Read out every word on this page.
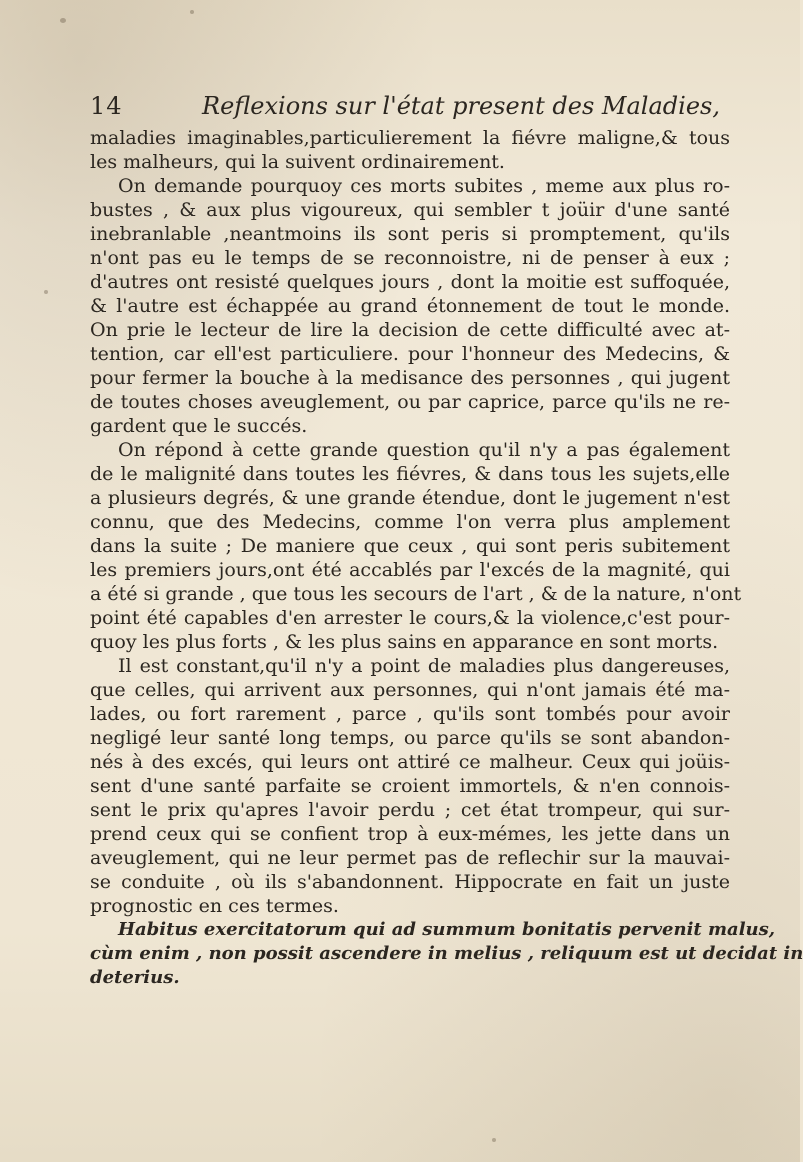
14	Reflexions sur l'état present des Maladies,
maladies imaginables,particulierement la fiévre maligne,& tous
les malheurs, qui la suivent ordinairement.
On demande pourquoy ces morts subites , meme aux plus ro-
bustes , & aux plus vigoureux, qui sembler t joüir d'une santé
inebranlable ,neantmoins ils sont peris si promptement, qu'ils
n'ont pas eu le temps de se reconnoistre, ni de penser à eux ;
d'autres ont resisté quelques jours , dont la moitie est suffoquée,
& l'autre est échappée au grand étonnement de tout le monde.
On prie le lecteur de lire la decision de cette difficulté avec at-
tention, car ell'est particuliere. pour l'honneur des Medecins, &
pour fermer la bouche à la medisance des personnes , qui jugent
de toutes choses aveuglement, ou par caprice, parce qu'ils ne re-
gardent que le succés.
On répond à cette grande question qu'il n'y a pas également
de le malignité dans toutes les fiévres, & dans tous les sujets,elle
a plusieurs degrés, & une grande étendue, dont le jugement n'est
connu, que des Medecins, comme l'on verra plus amplement
dans la suite ; De maniere que ceux , qui sont peris subitement
les premiers jours,ont été accablés par l'excés de la magnité, qui
a été si grande , que tous les secours de l'art , & de la nature, n'ont
point été capables d'en arrester le cours,& la violence,c'est pour-
quoy les plus forts , & les plus sains en apparance en sont morts.
Il est constant,qu'il n'y a point de maladies plus dangereuses,
que celles, qui arrivent aux personnes, qui n'ont jamais été ma-
lades, ou fort rarement , parce , qu'ils sont tombés pour avoir
negligé leur santé long temps, ou parce qu'ils se sont abandon-
nés à des excés, qui leurs ont attiré ce malheur. Ceux qui joüis-
sent d'une santé parfaite se croient immortels, & n'en connois-
sent le prix qu'apres l'avoir perdu ; cet état trompeur, qui sur-
prend ceux qui se confient trop à eux-mémes, les jette dans un
aveuglement, qui ne leur permet pas de reflechir sur la mauvai-
se conduite , où ils s'abandonnent. Hippocrate en fait un juste
prognostic en ces termes.
Habitus exercitatorum qui ad summum bonitatis pervenit malus,
cùm enim , non possit ascendere in melius , reliquum est ut decidat in
deterius.
